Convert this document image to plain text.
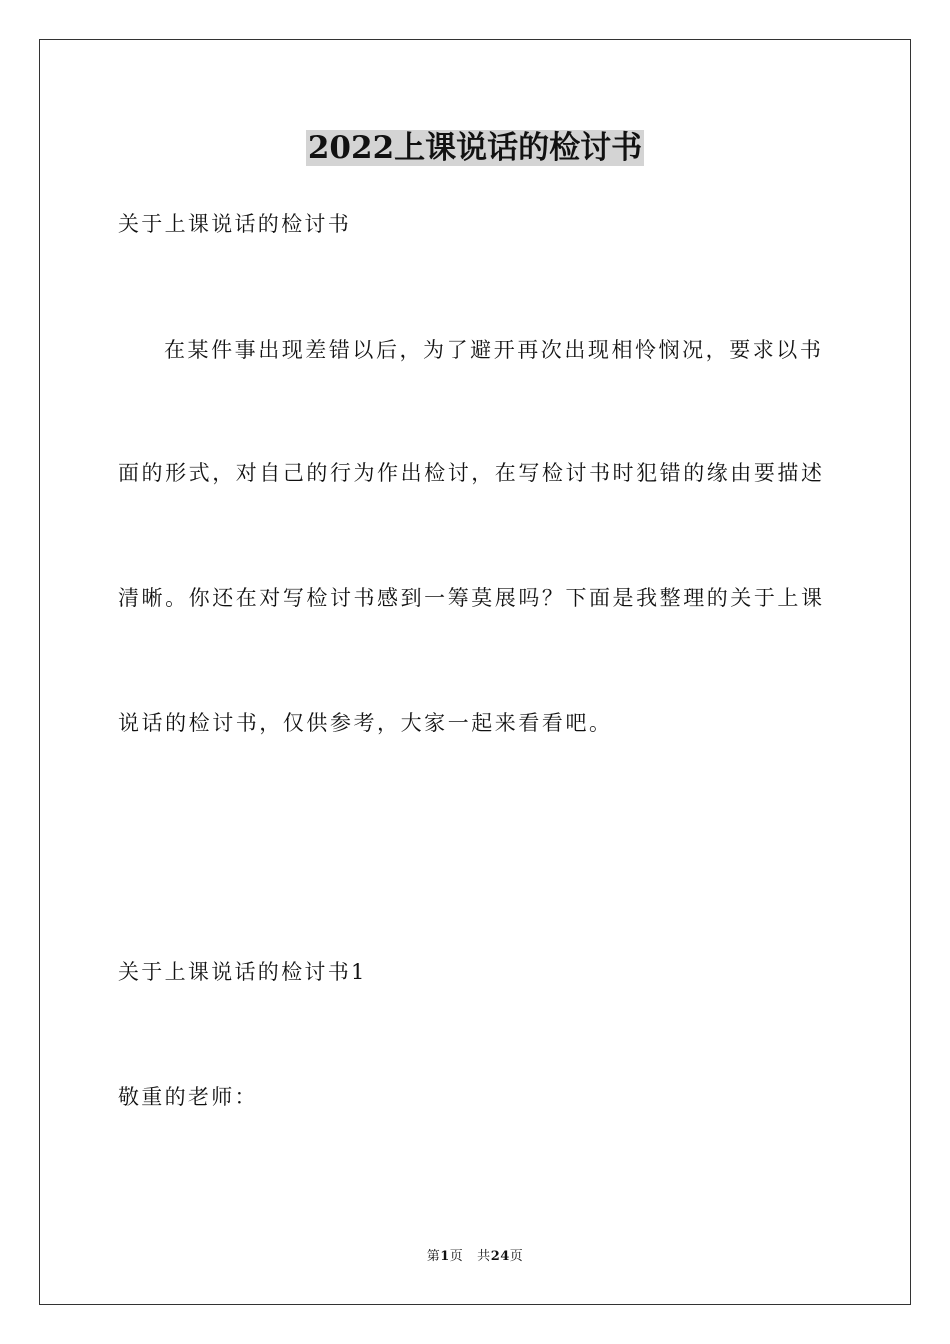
2022上课说话的检讨书
关于上课说话的检讨书
在某件事出现差错以后，为了避开再次出现相怜悯况，要求以书
面的形式，对自己的行为作出检讨，在写检讨书时犯错的缘由要描述
清晰。你还在对写检讨书感到一筹莫展吗？下面是我整理的关于上课
说话的检讨书，仅供参考，大家一起来看看吧。
关于上课说话的检讨书1
敬重的老师：
第1页 共24页
